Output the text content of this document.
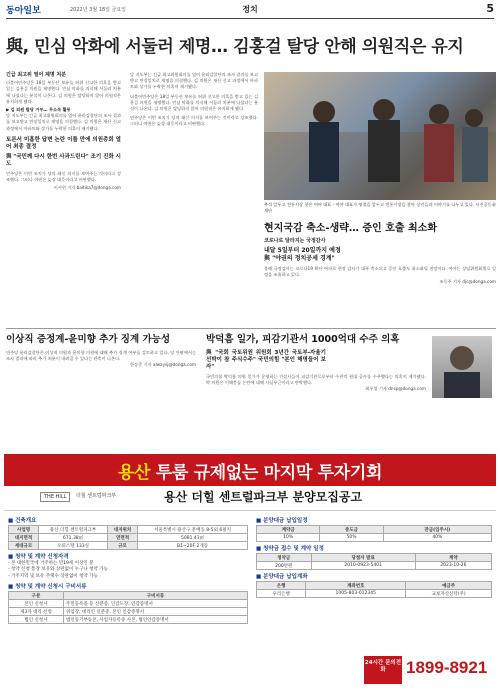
동아일보	2022년 3월 18일 금요일	정치	5
與, 민심 악화에 서둘러 제명… 김홍걸 탈당 안해 의원직은 유지
긴급 최고위 열어 제명 처분
더불어민주당은 18일 부동산 보유를 허위 신고한 의혹을 받고 있는 김홍걸 의원을 제명했다. 민심 악화를 의식해 서둘러 처분에 나섰다는 분석이 나온다. 김 의원은 탈당하지 않아 의원직은 유지하게 됐다.
▶ 김 의원 탈당 거부… 무소속 활동
당 지도부는 긴급 최고위원회의를 열어 윤리감찰단의 조사 결과를 보고받고 만장일치로 제명을 의결했다. 김 의원은 재산 신고 과정에서 아파트와 상가를 누락한 의혹이 제기됐다.
토론서 미흡한 답변 논란 이틀 만에 의원총회 열어 최종 결정
與 "국민께 다시 한번 사과드린다" 조기 진화 시도
민주당은 이번 조치가 당의 쇄신 의지를 보여주는 것이라고 강조했다. 그러나 야권은 늦장 대응이라고 비판했다.
이서현 기자 baltika7@donga.com
추석 앞두고 전통시장 찾은 여야 대표 - 여야 대표가 명절을 앞두고 전통시장을 찾아 상인들과 이야기를 나누고 있다. 사진공동취재단
당 지도부는 긴급 최고위원회의를 열어 윤리감찰단의 조사 결과를 보고받고 만장일치로 제명을 의결했다. 김 의원은 재산 신고 과정에서 아파트와 상가를 누락한 의혹이 제기됐다.
더불어민주당은 18일 부동산 보유를 허위 신고한 의혹을 받고 있는 김홍걸 의원을 제명했다. 민심 악화를 의식해 서둘러 처분에 나섰다는 분석이 나온다. 김 의원은 탈당하지 않아 의원직은 유지하게 됐다.
민주당은 이번 조치가 당의 쇄신 의지를 보여주는 것이라고 강조했다. 그러나 야권은 늦장 대응이라고 비판했다.
현지국감 축소-생략… 증인 호출 최소화
코로나로 달라지는 국정감사
내달 5일부터 20일까지 예정
與 "야권의 정치공세 경계"
올해 국정감사는 코로나19 확산 여파로 현장 감사가 대폭 축소되고 증인 호출도 최소화될 전망이다. 여야는 상임위원회별로 일정을 조율하고 있다.
조동주 기자 djc@donga.com
이상직 증정계-윤미향 추가 징계 가능성
민주당 윤리감찰단은 이상직 의원과 윤미향 의원에 대해 추가 징계 여부를 검토하고 있다. 당 안팎에서는 조사 결과에 따라 추가 처분이 내려질 수 있다는 관측이 나온다.
한상준 기자 alwaysj@donga.com
박덕흠 일가, 피감기관서 1000억대 수주 의혹
與 "국회 국토위원 위원회 3년간 국토부-자율기 선박이 참 주식수주" 국민의힘 "본인 해명들어 보자"
국민의힘 박덕흠 의원 일가가 운영하는 건설사들이 피감기관으로부터 수천억 원대 공사를 수주했다는 의혹이 제기됐다. 박 의원은 이해충돌 논란에 대해 사실무근이라고 반박했다.
최우열 기자 dnsp@donga.com
용산 투룸 규제없는 마지막 투자기회
THE HILL	더힐 센트럴파크부	용산 더힐 센트럴파크부 분양모집공고
■ 건축개요
사업명	용산 더힐 센트럴파크부	대지위치	서울특별시 용산구 문배동 8-5외 6필지
대지면적	671.38㎡	연면적	5081.41㎡
세대규모	오피스텔 133실	규모	B1~20F 2개동
■ 청약 및 계약 신청자격
- 본 대한민국에 거주하는 만19세 이상인 분
- 청약 신청 통장 보유와 상관없이 누구나 청약 가능
- 거주지역 및 보유 주택수 상관없이 청약 가능
■ 청약 및 계약 신청시 구비서류
구분	구비서류
본인 신청시	주민등록증 등 신분증, 인감도장, 인감증명서
제3자 대리 신청	위임장, 대리인 신분증, 본인 인감증명서
법인 신청시	법인등기부등본, 사업자등록증 사본, 법인인감증명서
■ 분양대금 납입일정
계약금	중도금	잔금(입주시)
10%	50%	40%
■ 청약금 접수 및 계약 일정
청약금	당첨자 발표	계약
200만원	2010-0923-5401	2023-10-26
■ 분양대금 납입계좌
은행	계좌번호	예금주
우리은행	1005-803-012345	교보자산신탁(주)
24시간 문의전화	1899-8921
